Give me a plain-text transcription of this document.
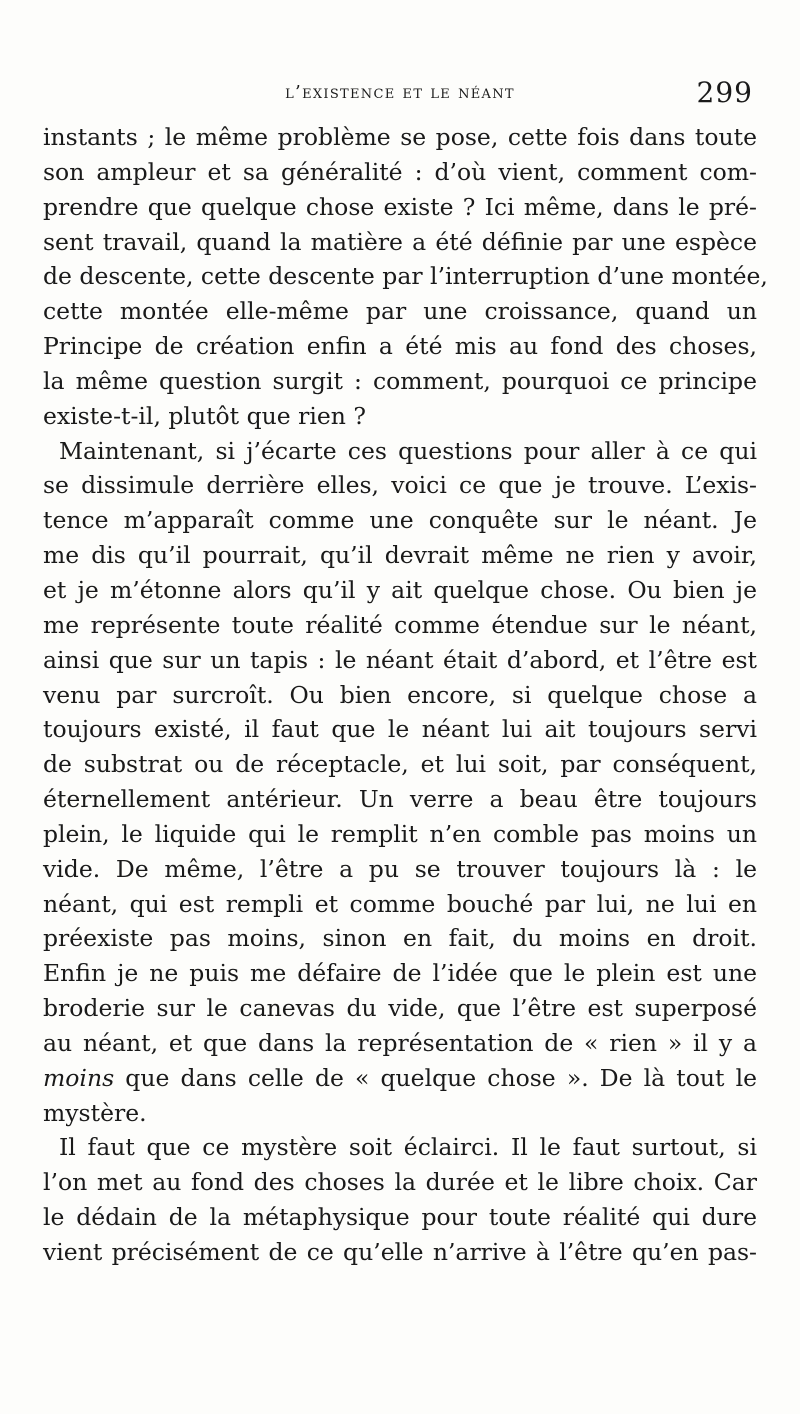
l’existence et le néant	299
instants ; le même problème se pose, cette fois dans toute
son ampleur et sa généralité : d’où vient, comment com-
prendre que quelque chose existe ? Ici même, dans le pré-
sent travail, quand la matière a été définie par une espèce
de descente, cette descente par l’interruption d’une montée,
cette montée elle-même par une croissance, quand un
Principe de création enfin a été mis au fond des choses,
la même question surgit : comment, pourquoi ce principe
existe-t-il, plutôt que rien ?
Maintenant, si j’écarte ces questions pour aller à ce qui
se dissimule derrière elles, voici ce que je trouve. L’exis-
tence m’apparaît comme une conquête sur le néant. Je
me dis qu’il pourrait, qu’il devrait même ne rien y avoir,
et je m’étonne alors qu’il y ait quelque chose. Ou bien je
me représente toute réalité comme étendue sur le néant,
ainsi que sur un tapis : le néant était d’abord, et l’être est
venu par surcroît. Ou bien encore, si quelque chose a
toujours existé, il faut que le néant lui ait toujours servi
de substrat ou de réceptacle, et lui soit, par conséquent,
éternellement antérieur. Un verre a beau être toujours
plein, le liquide qui le remplit n’en comble pas moins un
vide. De même, l’être a pu se trouver toujours là : le
néant, qui est rempli et comme bouché par lui, ne lui en
préexiste pas moins, sinon en fait, du moins en droit.
Enfin je ne puis me défaire de l’idée que le plein est une
broderie sur le canevas du vide, que l’être est superposé
au néant, et que dans la représentation de « rien » il y a
moins que dans celle de « quelque chose ». De là tout le
mystère.
Il faut que ce mystère soit éclairci. Il le faut surtout, si
l’on met au fond des choses la durée et le libre choix. Car
le dédain de la métaphysique pour toute réalité qui dure
vient précisément de ce qu’elle n’arrive à l’être qu’en pas-
